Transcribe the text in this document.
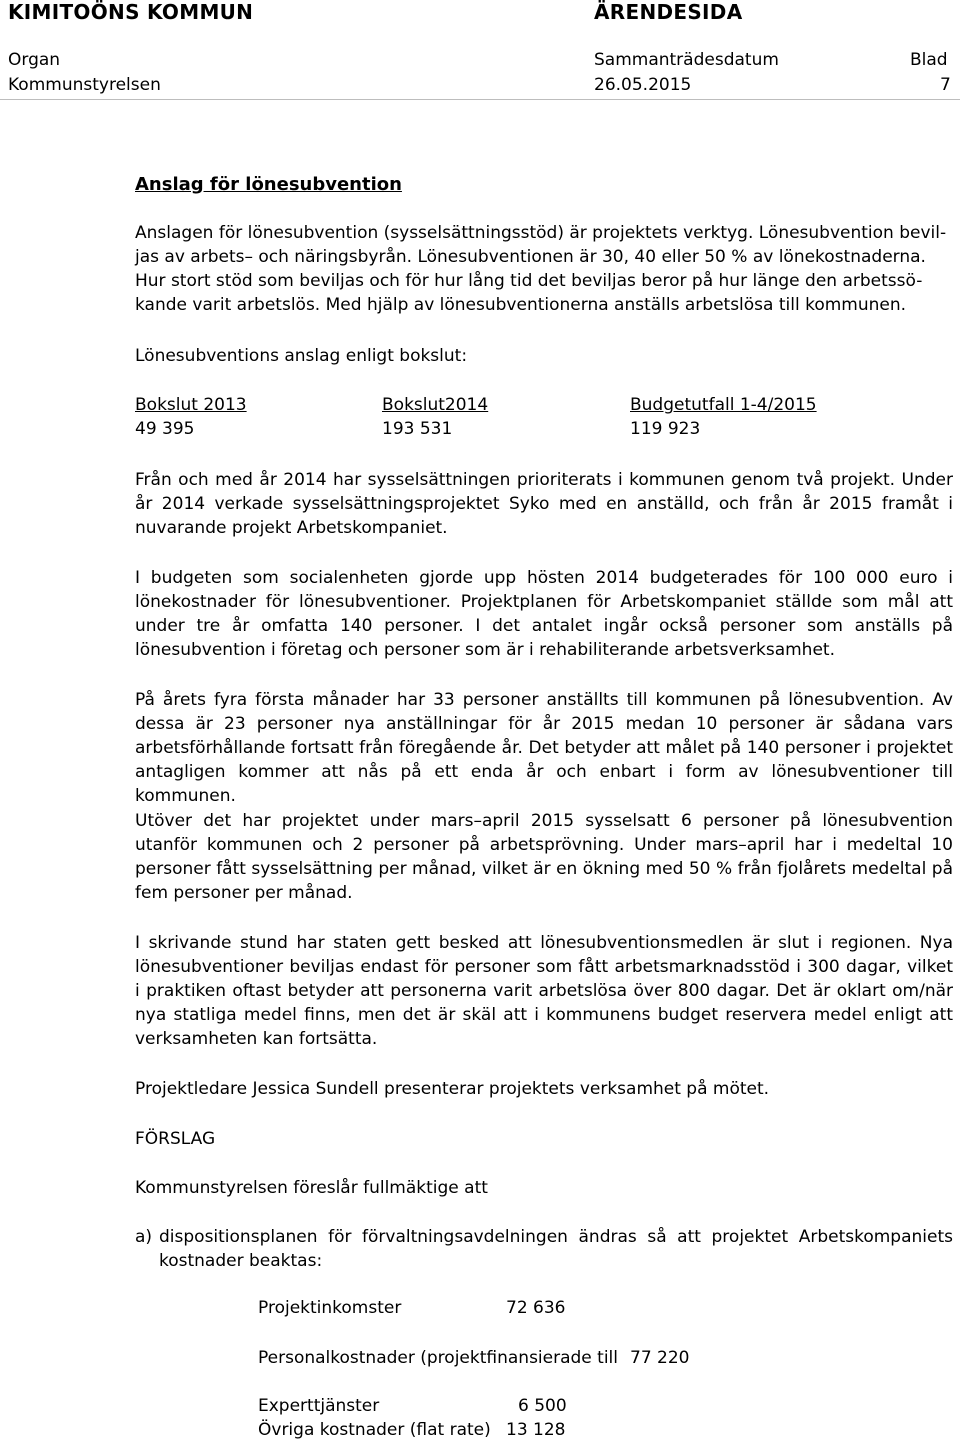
KIMITOÖNS KOMMUN	ÄRENDESIDA
Organ	Sammanträdesdatum	Blad
Kommunstyrelsen	26.05.2015	7
Anslag för lönesubvention
Anslagen för lönesubvention (sysselsättningsstöd) är projektets verktyg. Lönesubvention bevil-
jas av arbets– och näringsbyrån. Lönesubventionen är 30, 40 eller 50 % av lönekostnaderna.
Hur stort stöd som beviljas och för hur lång tid det beviljas beror på hur länge den arbetssö-
kande varit arbetslös. Med hjälp av lönesubventionerna anställs arbetslösa till kommunen.
Lönesubventions anslag enligt bokslut:
Bokslut 2013	Bokslut2014	Budgetutfall 1-4/2015
49 395	193 531	119 923
Från och med år 2014 har sysselsättningen prioriterats i kommunen genom två projekt. Under år 2014 verkade sysselsättningsprojektet Syko med en anställd, och från år 2015 framåt i nuvarande projekt Arbetskompaniet.
I budgeten som socialenheten gjorde upp hösten 2014 budgeterades för 100 000 euro i lönekostnader för lönesubventioner. Projektplanen för Arbetskompaniet ställde som mål att under tre år omfatta 140 personer. I det antalet ingår också personer som anställs på lönesubvention i företag och personer som är i rehabiliterande arbetsverksamhet.
På årets fyra första månader har 33 personer anställts till kommunen på lönesubvention. Av dessa är 23 personer nya anställningar för år 2015 medan 10 personer är sådana vars arbetsförhållande fortsatt från föregående år. Det betyder att målet på 140 personer i projektet antagligen kommer att nås på ett enda år och enbart i form av lönesubventioner till kommunen.
Utöver det har projektet under mars–april 2015 sysselsatt 6 personer på lönesubvention utanför kommunen och 2 personer på arbetsprövning. Under mars–april har i medeltal 10 personer fått sysselsättning per månad, vilket är en ökning med 50 % från fjolårets medeltal på fem personer per månad.
I skrivande stund har staten gett besked att lönesubventionsmedlen är slut i regionen. Nya lönesubventioner beviljas endast för personer som fått arbetsmarknadsstöd i 300 dagar, vilket i praktiken oftast betyder att personerna varit arbetslösa över 800 dagar. Det är oklart om/när nya statliga medel finns, men det är skäl att i kommunens budget reservera medel enligt att verksamheten kan fortsätta.
Projektledare Jessica Sundell presenterar projektets verksamhet på mötet.
FÖRSLAG
Kommunstyrelsen föreslår fullmäktige att
a) dispositionsplanen för förvaltningsavdelningen ändras så att projektet Arbetskompaniets kostnader beaktas:
Projektinkomster	72 636
Personalkostnader (projektfinansierade till 77 220
Experttjänster	6 500
Övriga kostnader (flat rate) 13 128
